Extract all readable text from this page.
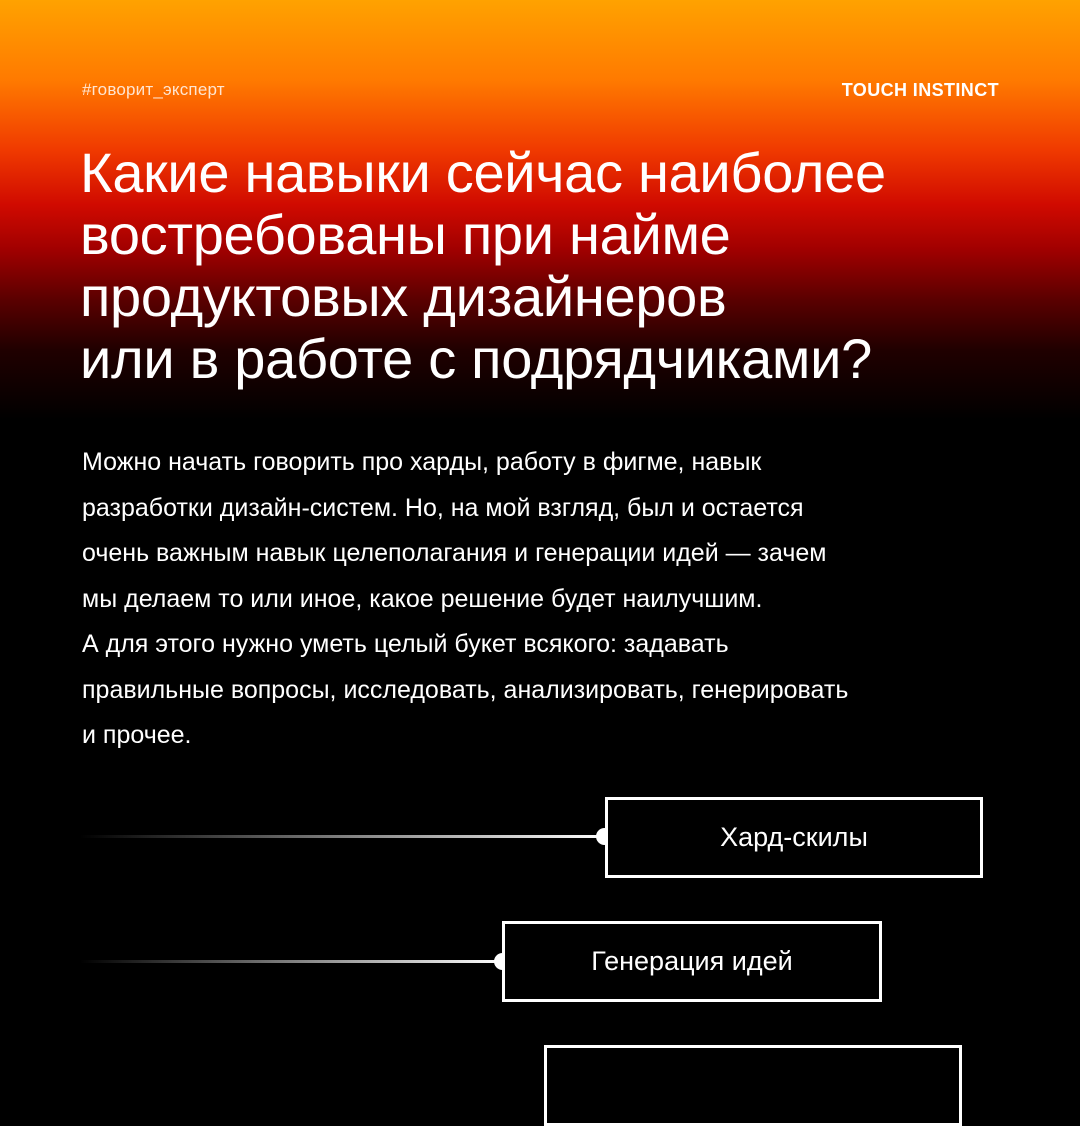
#говорит_эксперт	TOUCH INSTINCT
Какие навыки сейчас наиболее
востребованы при найме
продуктовых дизайнеров
или в работе с подрядчиками?

Можно начать говорить про харды, работу в фигме, навык
разработки дизайн-систем. Но, на мой взгляд, был и остается
очень важным навык целеполагания и генерации идей — зачем
мы делаем то или иное, какое решение будет наилучшим.
А для этого нужно уметь целый букет всякого: задавать
правильные вопросы, исследовать, анализировать, генерировать
и прочее.

Хард-скилы
Генерация идей
